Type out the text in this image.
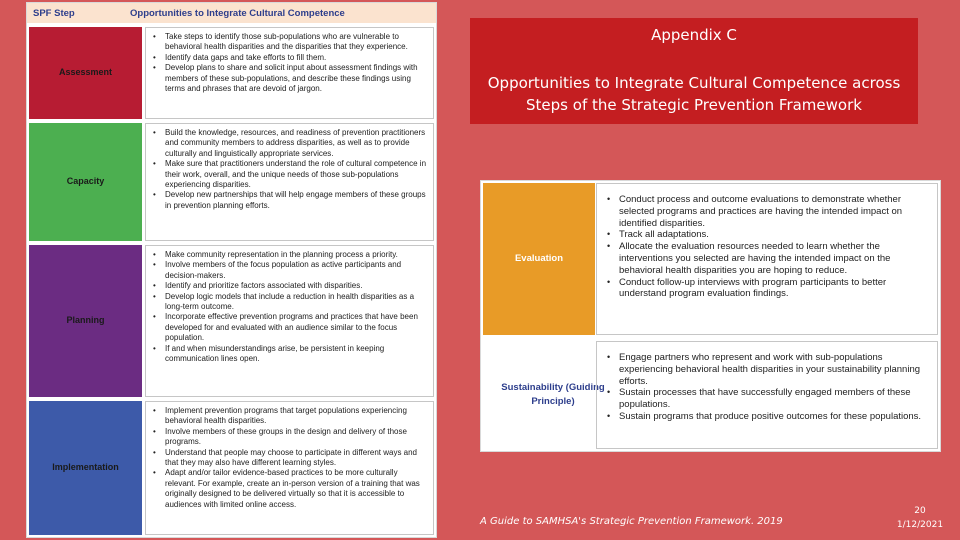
SPF Step	Opportunities to Integrate Cultural Competence
Assessment
• Take steps to identify those sub-populations who are vulnerable to behavioral health disparities and the disparities that they experience.
• Identify data gaps and take efforts to fill them.
• Develop plans to share and solicit input about assessment findings with members of these sub-populations, and describe these findings using terms and phrases that are devoid of jargon.
Capacity
• Build the knowledge, resources, and readiness of prevention practitioners and community members to address disparities, as well as to provide culturally and linguistically appropriate services.
• Make sure that practitioners understand the role of cultural competence in their work, overall, and the unique needs of those sub-populations experiencing disparities.
• Develop new partnerships that will help engage members of these groups in prevention planning efforts.
Planning
• Make community representation in the planning process a priority.
• Involve members of the focus population as active participants and decision-makers.
• Identify and prioritize factors associated with disparities.
• Develop logic models that include a reduction in health disparities as a long-term outcome.
• Incorporate effective prevention programs and practices that have been developed for and evaluated with an audience similar to the focus population.
• If and when misunderstandings arise, be persistent in keeping communication lines open.
Implementation
• Implement prevention programs that target populations experiencing behavioral health disparities.
• Involve members of these groups in the design and delivery of those programs.
• Understand that people may choose to participate in different ways and that they may also have different learning styles.
• Adapt and/or tailor evidence-based practices to be more culturally relevant. For example, create an in-person version of a training that was originally designed to be delivered virtually so that it is accessible to audiences with limited online access.
Appendix C
Opportunities to Integrate Cultural Competence across Steps of the Strategic Prevention Framework
Evaluation
• Conduct process and outcome evaluations to demonstrate whether selected programs and practices are having the intended impact on identified disparities.
• Track all adaptations.
• Allocate the evaluation resources needed to learn whether the interventions you selected are having the intended impact on the behavioral health disparities you are hoping to reduce.
• Conduct follow-up interviews with program participants to better understand program evaluation findings.
Sustainability (Guiding Principle)
• Engage partners who represent and work with sub-populations experiencing behavioral health disparities in your sustainability planning efforts.
• Sustain processes that have successfully engaged members of these populations.
• Sustain programs that produce positive outcomes for these populations.
A Guide to SAMHSA's Strategic Prevention Framework. 2019
20
1/12/2021
